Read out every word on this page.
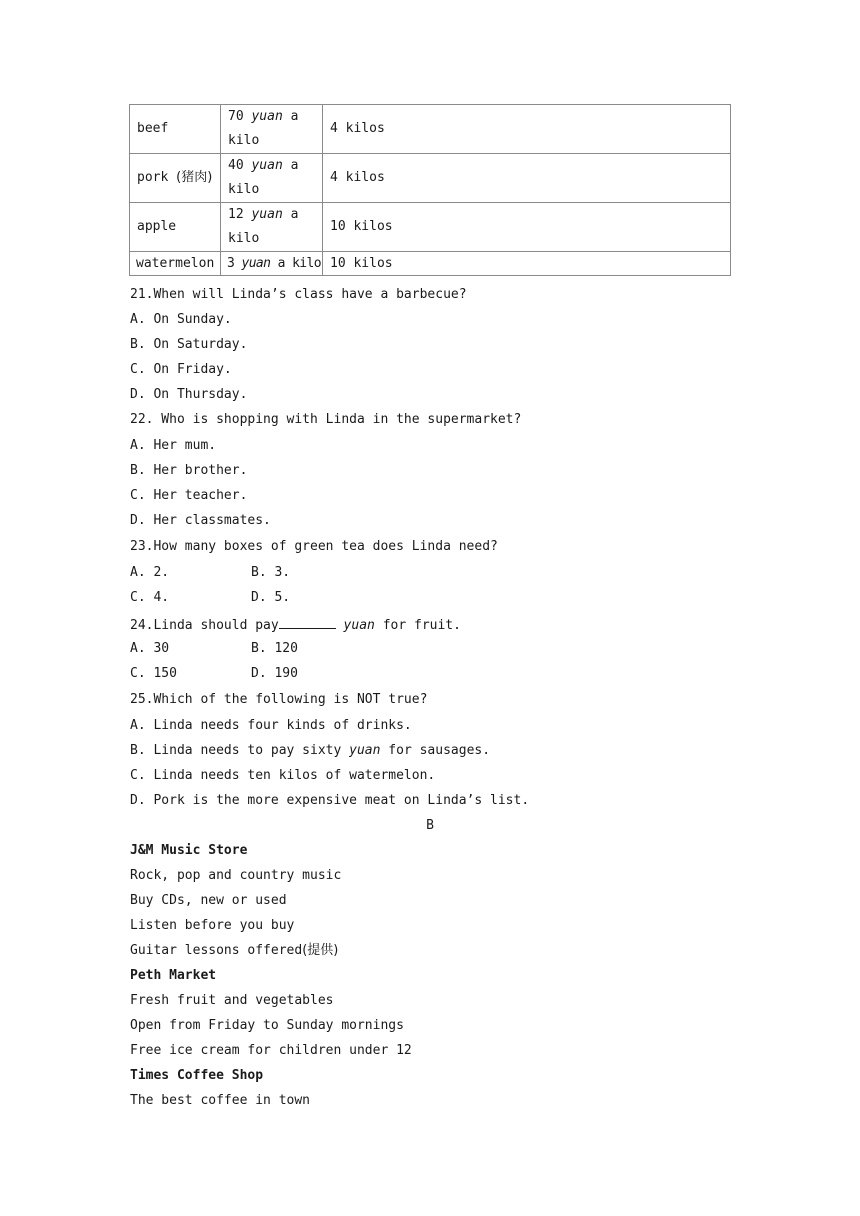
beef	70 yuan a kilo	4 kilos
pork (猪肉)	40 yuan a kilo	4 kilos
apple	12 yuan a kilo	10 kilos
watermelon	3 yuan a kilo	10 kilos
21.When will Linda’s class have a barbecue?
A. On Sunday.
B. On Saturday.
C. On Friday.
D. On Thursday.
22. Who is shopping with Linda in the supermarket?
A. Her mum.
B. Her brother.
C. Her teacher.
D. Her classmates.
23.How many boxes of green tea does Linda need?
A. 2.	B. 3.
C. 4.	D. 5.
24.Linda should pay	yuan for fruit.
A. 30	B. 120
C. 150	D. 190
25.Which of the following is NOT true?
A. Linda needs four kinds of drinks.
B. Linda needs to pay sixty yuan for sausages.
C. Linda needs ten kilos of watermelon.
D. Pork is the more expensive meat on Linda’s list.
B
J&M Music Store
Rock, pop and country music
Buy CDs, new or used
Listen before you buy
Guitar lessons offered(提供)
Peth Market
Fresh fruit and vegetables
Open from Friday to Sunday mornings
Free ice cream for children under 12
Times Coffee Shop
The best coffee in town
